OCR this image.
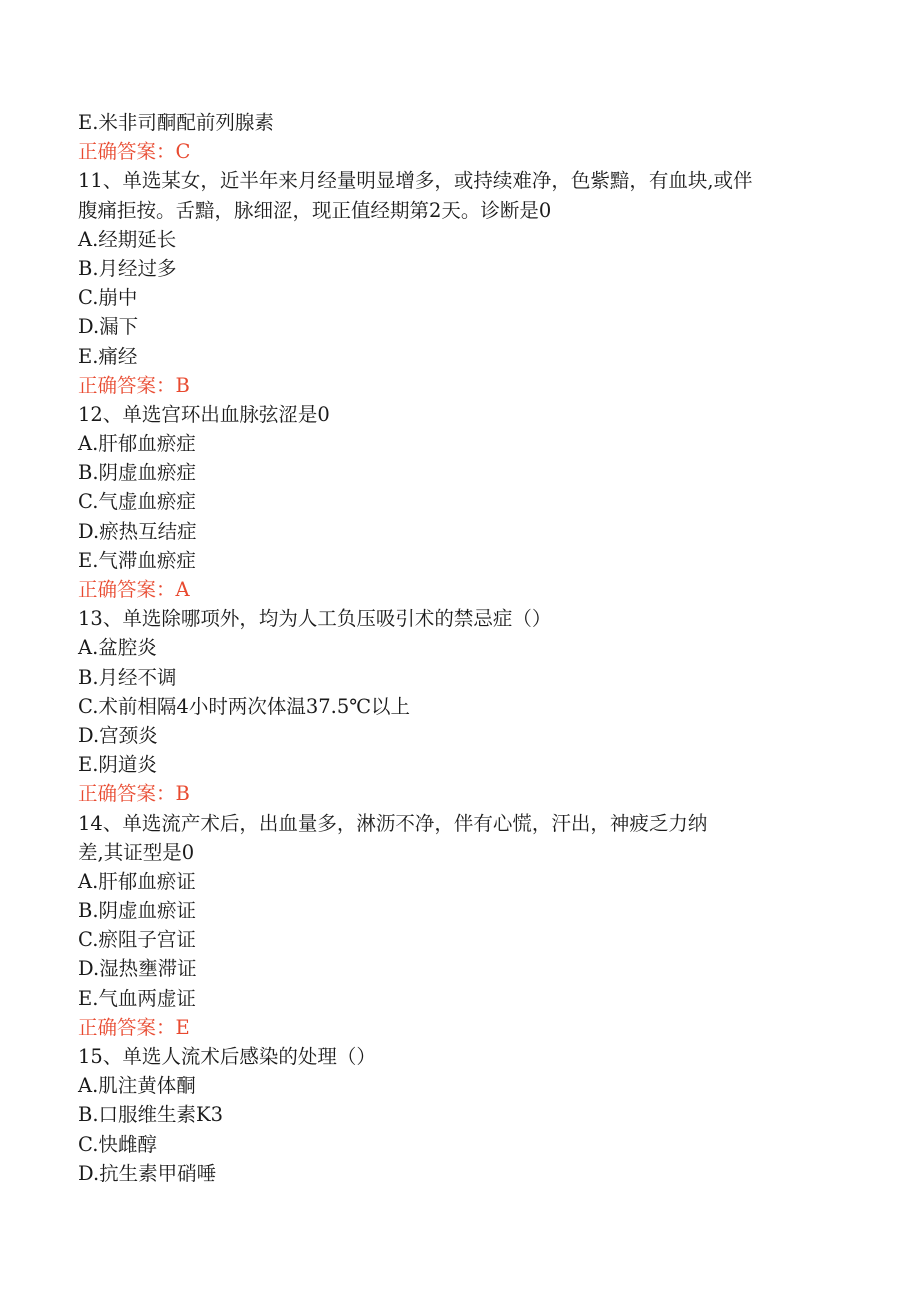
E.米非司酮配前列腺素
正确答案：C
11、单选某女，近半年来月经量明显增多，或持续难净，色紫黯，有血块,或伴
腹痛拒按。舌黯，脉细涩，现正值经期第2天。诊断是0
A.经期延长
B.月经过多
C.崩中
D.漏下
E.痛经
正确答案：B
12、单选宫环出血脉弦涩是0
A.肝郁血瘀症
B.阴虚血瘀症
C.气虚血瘀症
D.瘀热互结症
E.气滞血瘀症
正确答案：A
13、单选除哪项外，均为人工负压吸引术的禁忌症（）
A.盆腔炎
B.月经不调
C.术前相隔4小时两次体温37.5℃以上
D.宫颈炎
E.阴道炎
正确答案：B
14、单选流产术后，出血量多，淋沥不净，伴有心慌，汗出，神疲乏力纳
差,其证型是0
A.肝郁血瘀证
B.阴虚血瘀证
C.瘀阻子宫证
D.湿热壅滞证
E.气血两虚证
正确答案：E
15、单选人流术后感染的处理（）
A.肌注黄体酮
B.口服维生素K3
C.快雌醇
D.抗生素甲硝唾
